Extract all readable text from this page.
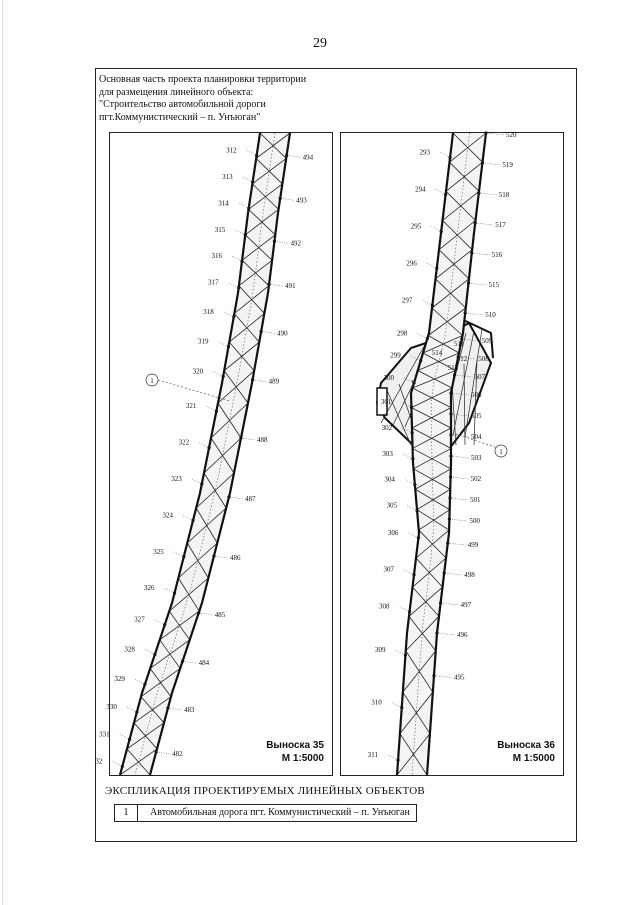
29
Основная часть проекта планировки территории
для размещения линейного объекта:
"Строительство автомобильной дороги
пгт.Коммунистический – п. Унъюган"
312
313
314
315
316
317
318
319
320
321
322
323
324
325
326
327
328
329
330
331
32
494
493
492
491
490
489
488
487
486
485
484
483
482
1
Выноска 35
М 1:5000
293
294
295
296
297
298
299
300
301
302
303
304
305
306
307
308
309
310
311
520
519
518
517
516
515
510
509
508
507
506
505
504
503
502
501
500
499
498
497
496
495
514
511
512
513
1
Выноска 36
М 1:5000
ЭКСПЛИКАЦИЯ ПРОЕКТИРУЕМЫХ ЛИНЕЙНЫХ ОБЪЕКТОВ
1	Автомобильная дорога пгт. Коммунистический – п. Унъюган
